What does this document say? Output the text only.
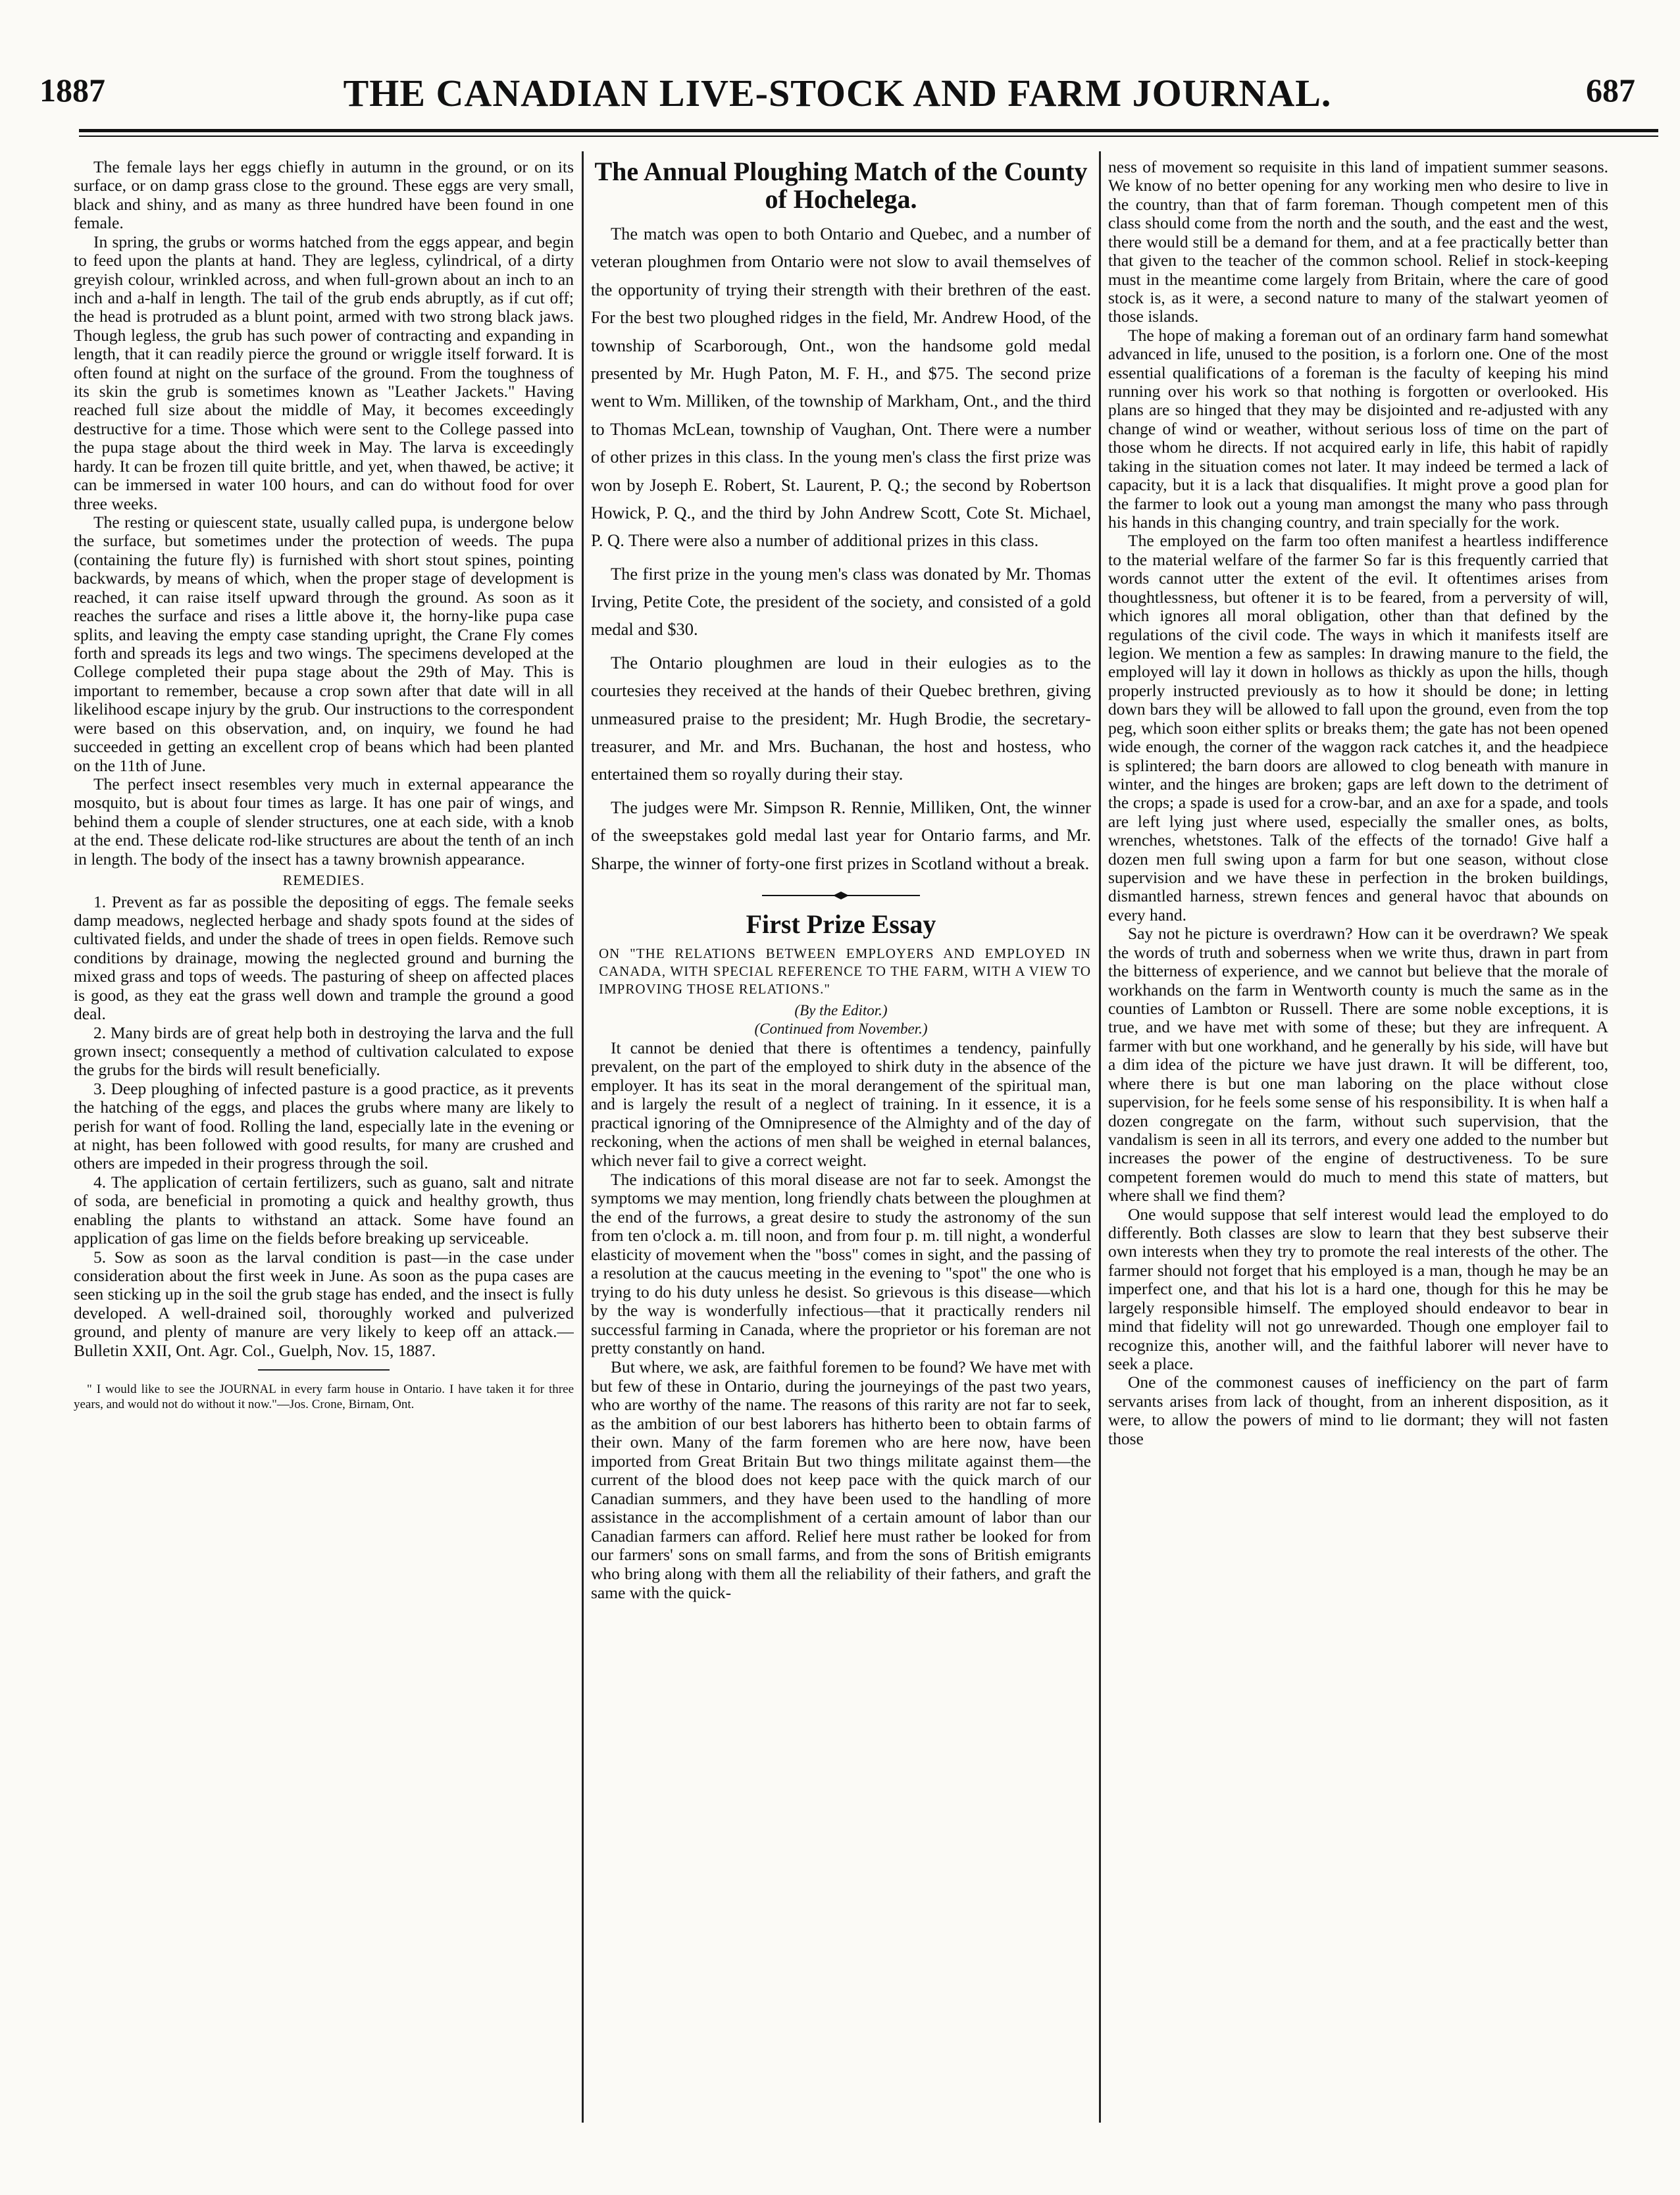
1887	THE CANADIAN LIVE-STOCK AND FARM JOURNAL.	687

The female lays her eggs chiefly in autumn in the ground, or on its surface, or on damp grass close to the ground. These eggs are very small, black and shiny, and as many as three hundred have been found in one female.

In spring, the grubs or worms hatched from the eggs appear, and begin to feed upon the plants at hand. They are legless, cylindrical, of a dirty greyish colour, wrinkled across, and when full-grown about an inch to an inch and a-half in length. The tail of the grub ends abruptly, as if cut off; the head is protruded as a blunt point, armed with two strong black jaws. Though legless, the grub has such power of contracting and expanding in length, that it can readily pierce the ground or wriggle itself forward. It is often found at night on the surface of the ground. From the toughness of its skin the grub is sometimes known as "Leather Jackets." Having reached full size about the middle of May, it becomes exceedingly destructive for a time. Those which were sent to the College passed into the pupa stage about the third week in May. The larva is exceedingly hardy. It can be frozen till quite brittle, and yet, when thawed, be active; it can be immersed in water 100 hours, and can do without food for over three weeks.

The resting or quiescent state, usually called pupa, is undergone below the surface, but sometimes under the protection of weeds. The pupa (containing the future fly) is furnished with short stout spines, pointing backwards, by means of which, when the proper stage of development is reached, it can raise itself upward through the ground. As soon as it reaches the surface and rises a little above it, the horny-like pupa case splits, and leaving the empty case standing upright, the Crane Fly comes forth and spreads its legs and two wings. The specimens developed at the College completed their pupa stage about the 29th of May. This is important to remember, because a crop sown after that date will in all likelihood escape injury by the grub. Our instructions to the correspondent were based on this observation, and, on inquiry, we found he had succeeded in getting an excellent crop of beans which had been planted on the 11th of June.

The perfect insect resembles very much in external appearance the mosquito, but is about four times as large. It has one pair of wings, and behind them a couple of slender structures, one at each side, with a knob at the end. These delicate rod-like structures are about the tenth of an inch in length. The body of the insect has a tawny brownish appearance.

REMEDIES.

1. Prevent as far as possible the depositing of eggs. The female seeks damp meadows, neglected herbage and shady spots found at the sides of cultivated fields, and under the shade of trees in open fields. Remove such conditions by drainage, mowing the neglected ground and burning the mixed grass and tops of weeds. The pasturing of sheep on affected places is good, as they eat the grass well down and trample the ground a good deal.

2. Many birds are of great help both in destroying the larva and the full grown insect; consequently a method of cultivation calculated to expose the grubs for the birds will result beneficially.

3. Deep ploughing of infected pasture is a good practice, as it prevents the hatching of the eggs, and places the grubs where many are likely to perish for want of food. Rolling the land, especially late in the evening or at night, has been followed with good results, for many are crushed and others are impeded in their progress through the soil.

4. The application of certain fertilizers, such as guano, salt and nitrate of soda, are beneficial in promoting a quick and healthy growth, thus enabling the plants to withstand an attack. Some have found an application of gas lime on the fields before breaking up serviceable.

5. Sow as soon as the larval condition is past—in the case under consideration about the first week in June. As soon as the pupa cases are seen sticking up in the soil the grub stage has ended, and the insect is fully developed. A well-drained soil, thoroughly worked and pulverized ground, and plenty of manure are very likely to keep off an attack.—Bulletin XXII, Ont. Agr. Col., Guelph, Nov. 15, 1887.

" I would like to see the JOURNAL in every farm house in Ontario. I have taken it for three years, and would not do without it now."—Jos. Crone, Birnam, Ont.

The Annual Ploughing Match of the County of Hochelega.

The match was open to both Ontario and Quebec, and a number of veteran ploughmen from Ontario were not slow to avail themselves of the opportunity of trying their strength with their brethren of the east. For the best two ploughed ridges in the field, Mr. Andrew Hood, of the township of Scarborough, Ont., won the handsome gold medal presented by Mr. Hugh Paton, M. F. H., and $75. The second prize went to Wm. Milliken, of the township of Markham, Ont., and the third to Thomas McLean, township of Vaughan, Ont. There were a number of other prizes in this class. In the young men's class the first prize was won by Joseph E. Robert, St. Laurent, P. Q.; the second by Robertson Howick, P. Q., and the third by John Andrew Scott, Cote St. Michael, P. Q. There were also a number of additional prizes in this class.

The first prize in the young men's class was donated by Mr. Thomas Irving, Petite Cote, the president of the society, and consisted of a gold medal and $30.

The Ontario ploughmen are loud in their eulogies as to the courtesies they received at the hands of their Quebec brethren, giving unmeasured praise to the president; Mr. Hugh Brodie, the secretary-treasurer, and Mr. and Mrs. Buchanan, the host and hostess, who entertained them so royally during their stay.

The judges were Mr. Simpson R. Rennie, Milliken, Ont, the winner of the sweepstakes gold medal last year for Ontario farms, and Mr. Sharpe, the winner of forty-one first prizes in Scotland without a break.

First Prize Essay
ON "THE RELATIONS BETWEEN EMPLOYERS AND EMPLOYED IN CANADA, WITH SPECIAL REFERENCE TO THE FARM, WITH A VIEW TO IMPROVING THOSE RELATIONS."
(By the Editor.)
(Continued from November.)

It cannot be denied that there is oftentimes a tendency, painfully prevalent, on the part of the employed to shirk duty in the absence of the employer. It has its seat in the moral derangement of the spiritual man, and is largely the result of a neglect of training. In it essence, it is a practical ignoring of the Omnipresence of the Almighty and of the day of reckoning, when the actions of men shall be weighed in eternal balances, which never fail to give a correct weight.

The indications of this moral disease are not far to seek. Amongst the symptoms we may mention, long friendly chats between the ploughmen at the end of the furrows, a great desire to study the astronomy of the sun from ten o'clock a. m. till noon, and from four p. m. till night, a wonderful elasticity of movement when the "boss" comes in sight, and the passing of a resolution at the caucus meeting in the evening to "spot" the one who is trying to do his duty unless he desist. So grievous is this disease—which by the way is wonderfully infectious—that it practically renders nil successful farming in Canada, where the proprietor or his foreman are not pretty constantly on hand.

But where, we ask, are faithful foremen to be found? We have met with but few of these in Ontario, during the journeyings of the past two years, who are worthy of the name. The reasons of this rarity are not far to seek, as the ambition of our best laborers has hitherto been to obtain farms of their own. Many of the farm foremen who are here now, have been imported from Great Britain But two things militate against them—the current of the blood does not keep pace with the quick march of our Canadian summers, and they have been used to the handling of more assistance in the accomplishment of a certain amount of labor than our Canadian farmers can afford. Relief here must rather be looked for from our farmers' sons on small farms, and from the sons of British emigrants who bring along with them all the reliability of their fathers, and graft the same with the quick-

ness of movement so requisite in this land of impatient summer seasons. We know of no better opening for any working men who desire to live in the country, than that of farm foreman. Though competent men of this class should come from the north and the south, and the east and the west, there would still be a demand for them, and at a fee practically better than that given to the teacher of the common school. Relief in stock-keeping must in the meantime come largely from Britain, where the care of good stock is, as it were, a second nature to many of the stalwart yeomen of those islands.

The hope of making a foreman out of an ordinary farm hand somewhat advanced in life, unused to the position, is a forlorn one. One of the most essential qualifications of a foreman is the faculty of keeping his mind running over his work so that nothing is forgotten or overlooked. His plans are so hinged that they may be disjointed and re-adjusted with any change of wind or weather, without serious loss of time on the part of those whom he directs. If not acquired early in life, this habit of rapidly taking in the situation comes not later. It may indeed be termed a lack of capacity, but it is a lack that disqualifies. It might prove a good plan for the farmer to look out a young man amongst the many who pass through his hands in this changing country, and train specially for the work.

The employed on the farm too often manifest a heartless indifference to the material welfare of the farmer So far is this frequently carried that words cannot utter the extent of the evil. It oftentimes arises from thoughtlessness, but oftener it is to be feared, from a perversity of will, which ignores all moral obligation, other than that defined by the regulations of the civil code. The ways in which it manifests itself are legion. We mention a few as samples: In drawing manure to the field, the employed will lay it down in hollows as thickly as upon the hills, though properly instructed previously as to how it should be done; in letting down bars they will be allowed to fall upon the ground, even from the top peg, which soon either splits or breaks them; the gate has not been opened wide enough, the corner of the waggon rack catches it, and the headpiece is splintered; the barn doors are allowed to clog beneath with manure in winter, and the hinges are broken; gaps are left down to the detriment of the crops; a spade is used for a crow-bar, and an axe for a spade, and tools are left lying just where used, especially the smaller ones, as bolts, wrenches, whetstones. Talk of the effects of the tornado! Give half a dozen men full swing upon a farm for but one season, without close supervision and we have these in perfection in the broken buildings, dismantled harness, strewn fences and general havoc that abounds on every hand.

Say not he picture is overdrawn? How can it be overdrawn? We speak the words of truth and soberness when we write thus, drawn in part from the bitterness of experience, and we cannot but believe that the morale of workhands on the farm in Wentworth county is much the same as in the counties of Lambton or Russell. There are some noble exceptions, it is true, and we have met with some of these; but they are infrequent. A farmer with but one workhand, and he generally by his side, will have but a dim idea of the picture we have just drawn. It will be different, too, where there is but one man laboring on the place without close supervision, for he feels some sense of his responsibility. It is when half a dozen congregate on the farm, without such supervision, that the vandalism is seen in all its terrors, and every one added to the number but increases the power of the engine of destructiveness. To be sure competent foremen would do much to mend this state of matters, but where shall we find them?

One would suppose that self interest would lead the employed to do differently. Both classes are slow to learn that they best subserve their own interests when they try to promote the real interests of the other. The farmer should not forget that his employed is a man, though he may be an imperfect one, and that his lot is a hard one, though for this he may be largely responsible himself. The employed should endeavor to bear in mind that fidelity will not go unrewarded. Though one employer fail to recognize this, another will, and the faithful laborer will never have to seek a place.

One of the commonest causes of inefficiency on the part of farm servants arises from lack of thought, from an inherent disposition, as it were, to allow the powers of mind to lie dormant; they will not fasten those
